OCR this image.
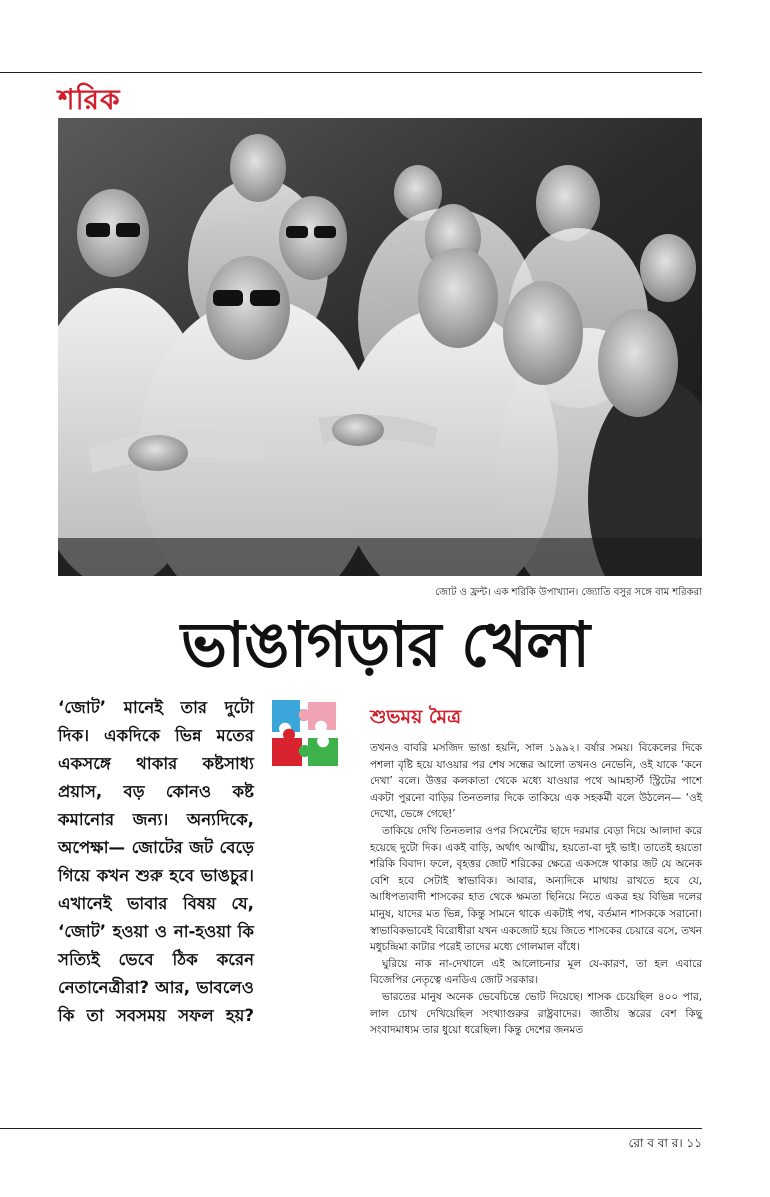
শরিক
জোট ও ফ্রন্ট। এক শরিকি উপাখ্যান। জ্যোতি বসুর সঙ্গে বাম শরিকরা
ভাঙাগড়ার খেলা
‘জোট’ মানেই তার দুটো দিক। একদিকে ভিন্ন মতের একসঙ্গে থাকার কষ্টসাধ্য প্রয়াস, বড় কোনও কষ্ট কমানোর জন্য। অন্যদিকে, অপেক্ষা— জোটের জট বেড়ে গিয়ে কখন শুরু হবে ভাঙচুর। এখানেই ভাবার বিষয় যে, ‘জোট’ হওয়া ও না-হওয়া কি সত্যিই ভেবে ঠিক করেন নেতানেত্রীরা? আর, ভাবলেও কি তা সবসময় সফল হয়?
শুভময় মৈত্র

তখনও বাবরি মসজিদ ভাঙা হয়নি, সাল ১৯৯২। বর্ষার সময়। বিকেলের দিকে পশলা বৃষ্টি হয়ে যাওয়ার পর শেষ সন্ধের আলো তখনও নেভেনি, ওই যাকে ‘কনে দেখা’ বলে। উত্তর কলকাতা থেকে মধ্যে যাওয়ার পথে আমহার্স্ট স্ট্রিটের পাশে একটা পুরনো বাড়ির তিনতলার দিকে তাকিয়ে এক সহকর্মী বলে উঠলেন— ‘ওই দেখো, ভেঙ্গে গেছে!’

তাকিয়ে দেখি তিনতলার ওপর সিমেন্টের ছাদে দরমার বেড়া দিয়ে আলাদা করে হয়েছে দুটো দিক। একই বাড়ি, অর্থাৎ আত্মীয়, হয়তো-বা দুই ভাই। তাতেই হয়তো শরিকি বিবাদ। ফলে, বৃহত্তর জোট শরিকের ক্ষেত্রে একসঙ্গে থাকার জট যে অনেক বেশি হবে সেটাই স্বাভাবিক। আবার, অন্যদিকে মাথায় রাখতে হবে যে, আধিপত্যবাদী শাসকের হাত থেকে ক্ষমতা ছিনিয়ে নিতে একত্র হয় বিভিন্ন দলের মানুষ, যাদের মত ভিন্ন, কিন্তু সামনে থাকে একটাই পথ, বর্তমান শাসককে সরানো। স্বাভাবিকভাবেই বিরোধীরা যখন একজোট হয়ে জিতে শাসকের চেয়ারে বসে, তখন মধুচন্দ্রিমা কাটার পরেই তাদের মধ্যে গোলমাল বাঁধে।

ঘুরিয়ে নাক না-দেখালে এই আলোচনার মূল যে-কারণ, তা হল এবারে বিজেপির নেতৃত্বে এনডিএ জোট সরকার।

ভারতের মানুষ অনেক ভেবেচিন্তে ভোট দিয়েছে। শাসক চেয়েছিল ৪০০ পার, লাল চোখ দেখিয়েছিল সংখ্যাগুরুর রাষ্ট্রবাদের। জাতীয় স্তরের বেশ কিছু সংবাদমাধ্যম তার ধুয়ো ধরেছিল। কিন্তু দেশের জনমত

রো ব বা র। ১১
